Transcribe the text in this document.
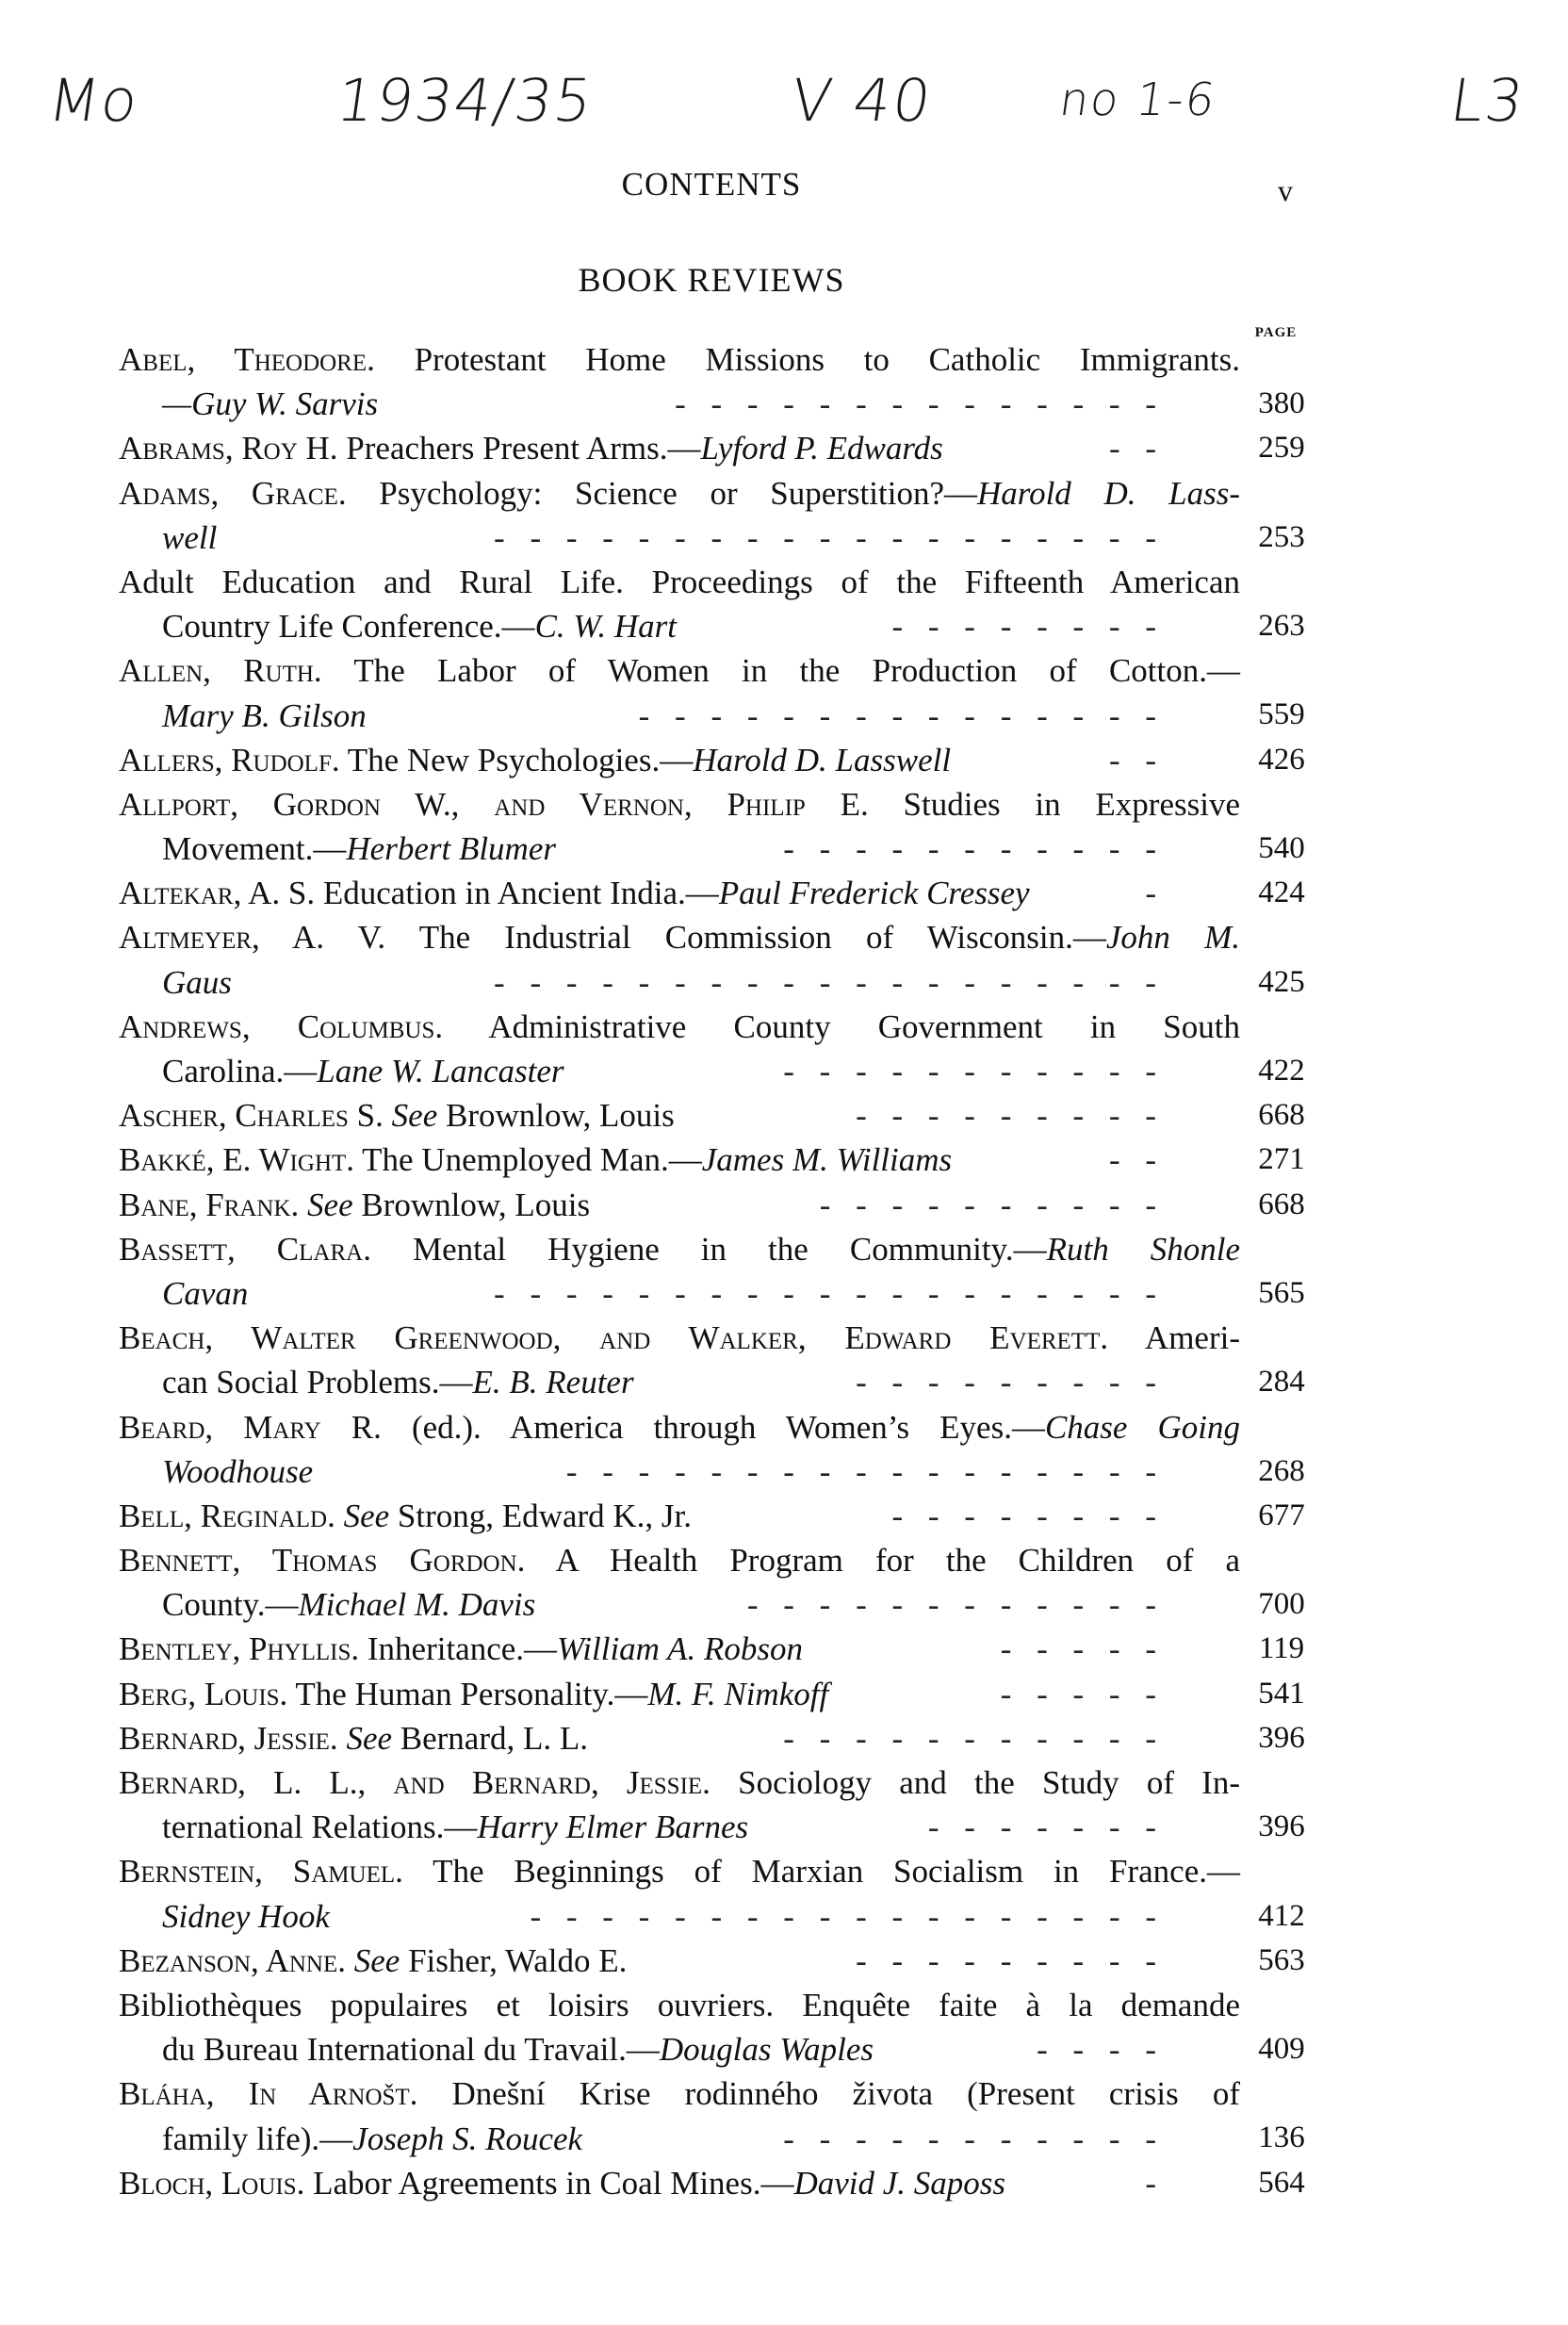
Mo	1934/35	V 40	no 1-6	L3
CONTENTS	v
BOOK REVIEWS
PAGE
Abel, Theodore. Protestant Home Missions to Catholic Immigrants.
—Guy W. Sarvis	- - - - - - - - - - - - - -	380
Abrams, Roy H. Preachers Present Arms.—Lyford P. Edwards	- -	259
Adams, Grace. Psychology: Science or Superstition?—Harold D. Lass-
well	- - - - - - - - - - - - - - - - - - -	253
Adult Education and Rural Life. Proceedings of the Fifteenth American
Country Life Conference.—C. W. Hart	- - - - - - - -	263
Allen, Ruth. The Labor of Women in the Production of Cotton.—
Mary B. Gilson	- - - - - - - - - - - - - - -	559
Allers, Rudolf. The New Psychologies.—Harold D. Lasswell	- -	426
Allport, Gordon W., and Vernon, Philip E. Studies in Expressive
Movement.—Herbert Blumer	- - - - - - - - - - -	540
Altekar, A. S. Education in Ancient India.—Paul Frederick Cressey	-	424
Altmeyer, A. V. The Industrial Commission of Wisconsin.—John M.
Gaus	- - - - - - - - - - - - - - - - - - -	425
Andrews, Columbus. Administrative County Government in South
Carolina.—Lane W. Lancaster	- - - - - - - - - - -	422
Ascher, Charles S. See Brownlow, Louis	- - - - - - - - -	668
Bakké, E. Wight. The Unemployed Man.—James M. Williams	- -	271
Bane, Frank. See Brownlow, Louis	- - - - - - - - - -	668
Bassett, Clara. Mental Hygiene in the Community.—Ruth Shonle
Cavan	- - - - - - - - - - - - - - - - - - -	565
Beach, Walter Greenwood, and Walker, Edward Everett. Ameri-
can Social Problems.—E. B. Reuter	- - - - - - - - -	284
Beard, Mary R. (ed.). America through Women’s Eyes.—Chase Going
Woodhouse	- - - - - - - - - - - - - - - - -	268
Bell, Reginald. See Strong, Edward K., Jr.	- - - - - - - -	677
Bennett, Thomas Gordon. A Health Program for the Children of a
County.—Michael M. Davis	- - - - - - - - - - - -	700
Bentley, Phyllis. Inheritance.—William A. Robson	- - - - -	119
Berg, Louis. The Human Personality.—M. F. Nimkoff	- - - - -	541
Bernard, Jessie. See Bernard, L. L.	- - - - - - - - - - -	396
Bernard, L. L., and Bernard, Jessie. Sociology and the Study of In-
ternational Relations.—Harry Elmer Barnes	- - - - - - -	396
Bernstein, Samuel. The Beginnings of Marxian Socialism in France.—
Sidney Hook	- - - - - - - - - - - - - - - - - -	412
Bezanson, Anne. See Fisher, Waldo E.	- - - - - - - - -	563
Bibliothèques populaires et loisirs ouvriers. Enquête faite à la demande
du Bureau International du Travail.—Douglas Waples	- - - -	409
Bláha, In Arnošt. Dnešní Krise rodinného života (Present crisis of
family life).—Joseph S. Roucek	- - - - - - - - - - -	136
Bloch, Louis. Labor Agreements in Coal Mines.—David J. Saposs	-	564
